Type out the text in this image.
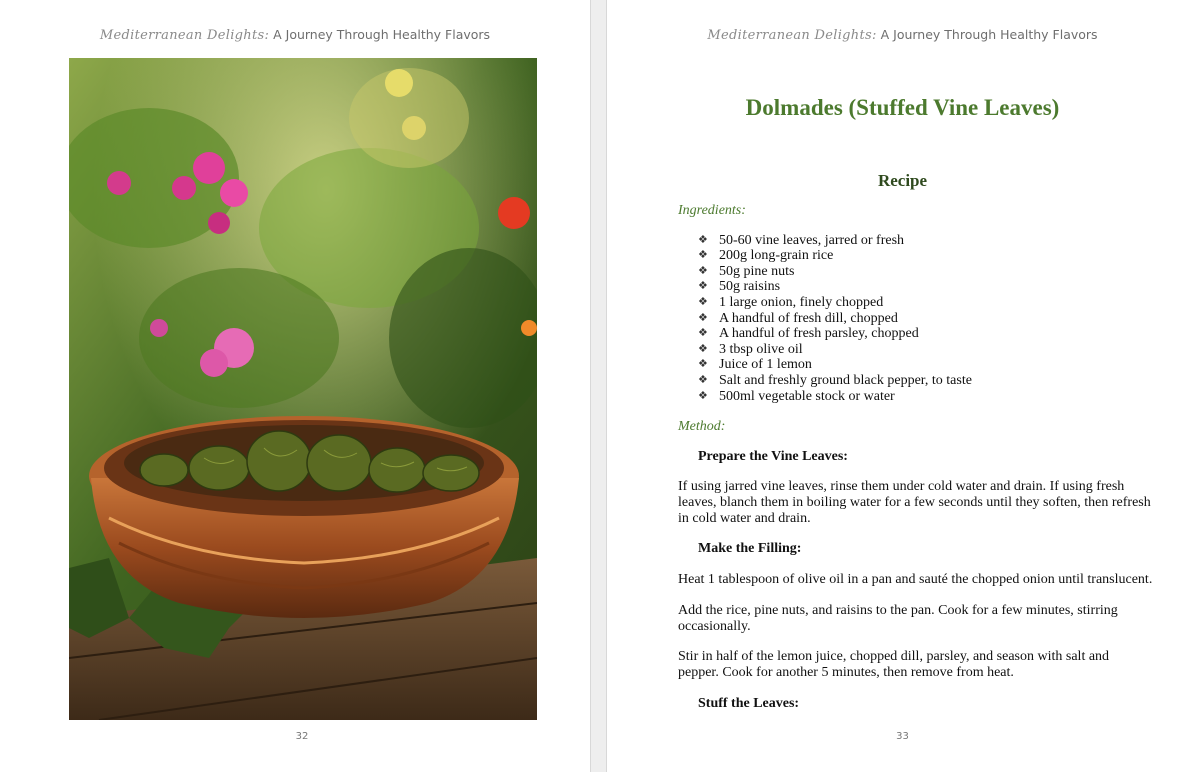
Mediterranean Delights: A Journey Through Healthy Flavors
32
Mediterranean Delights: A Journey Through Healthy Flavors
Dolmades (Stuffed Vine Leaves)
Recipe

Ingredients:

❖ 50-60 vine leaves, jarred or fresh
❖ 200g long-grain rice
❖ 50g pine nuts
❖ 50g raisins
❖ 1 large onion, finely chopped
❖ A handful of fresh dill, chopped
❖ A handful of fresh parsley, chopped
❖ 3 tbsp olive oil
❖ Juice of 1 lemon
❖ Salt and freshly ground black pepper, to taste
❖ 500ml vegetable stock or water

Method:

Prepare the Vine Leaves:

If using jarred vine leaves, rinse them under cold water and drain. If using fresh leaves, blanch them in boiling water for a few seconds until they soften, then refresh in cold water and drain.

Make the Filling:

Heat 1 tablespoon of olive oil in a pan and sauté the chopped onion until translucent.

Add the rice, pine nuts, and raisins to the pan. Cook for a few minutes, stirring occasionally.

Stir in half of the lemon juice, chopped dill, parsley, and season with salt and pepper. Cook for another 5 minutes, then remove from heat.

Stuff the Leaves:

33
